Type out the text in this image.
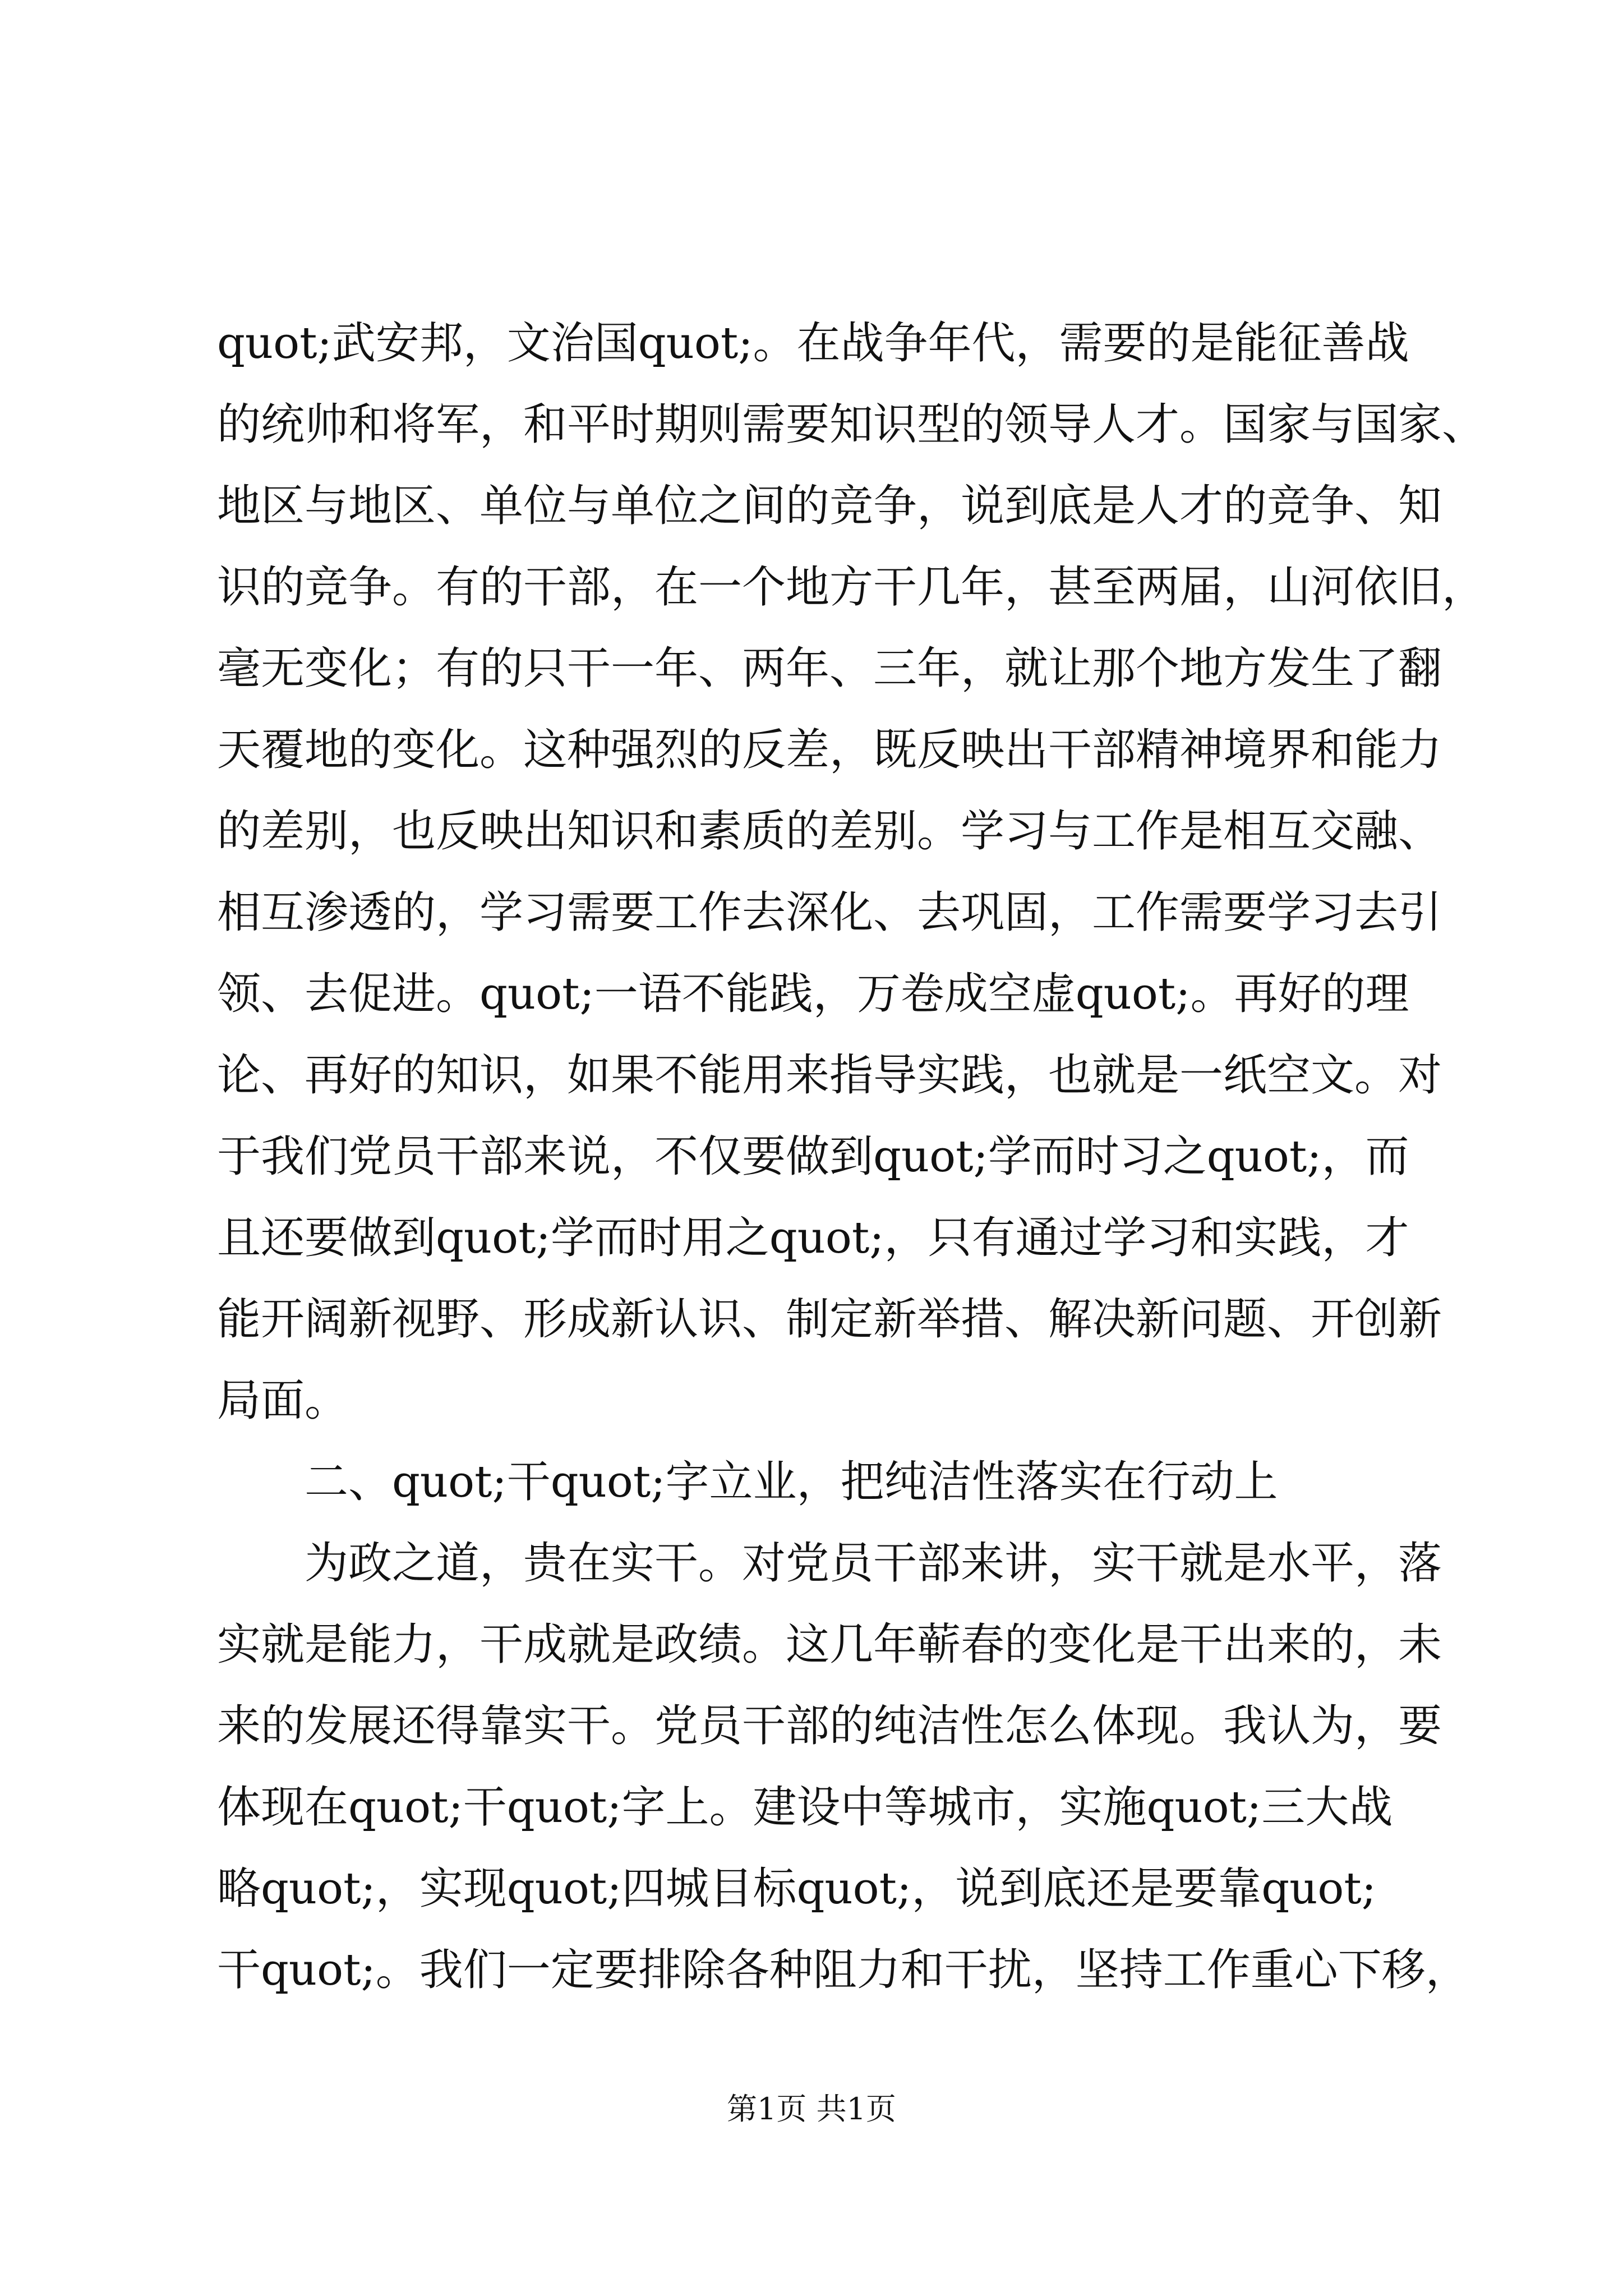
quot;武安邦，文治国quot;。在战争年代，需要的是能征善战
的统帅和将军，和平时期则需要知识型的领导人才。国家与国家、
地区与地区、单位与单位之间的竞争，说到底是人才的竞争、知
识的竞争。有的干部，在一个地方干几年，甚至两届，山河依旧，
毫无变化；有的只干一年、两年、三年，就让那个地方发生了翻
天覆地的变化。这种强烈的反差，既反映出干部精神境界和能力
的差别，也反映出知识和素质的差别。学习与工作是相互交融、
相互渗透的，学习需要工作去深化、去巩固，工作需要学习去引
领、去促进。quot;一语不能践，万卷成空虚quot;。再好的理
论、再好的知识，如果不能用来指导实践，也就是一纸空文。对
于我们党员干部来说，不仅要做到quot;学而时习之quot;，而
且还要做到quot;学而时用之quot;，只有通过学习和实践，才
能开阔新视野、形成新认识、制定新举措、解决新问题、开创新
局面。
　　二、quot;干quot;字立业，把纯洁性落实在行动上
　　为政之道，贵在实干。对党员干部来讲，实干就是水平，落
实就是能力，干成就是政绩。这几年蕲春的变化是干出来的，未
来的发展还得靠实干。党员干部的纯洁性怎么体现。我认为，要
体现在quot;干quot;字上。建设中等城市，实施quot;三大战
略quot;，实现quot;四城目标quot;，说到底还是要靠quot;
干quot;。我们一定要排除各种阻力和干扰，坚持工作重心下移，
第1页 共1页
